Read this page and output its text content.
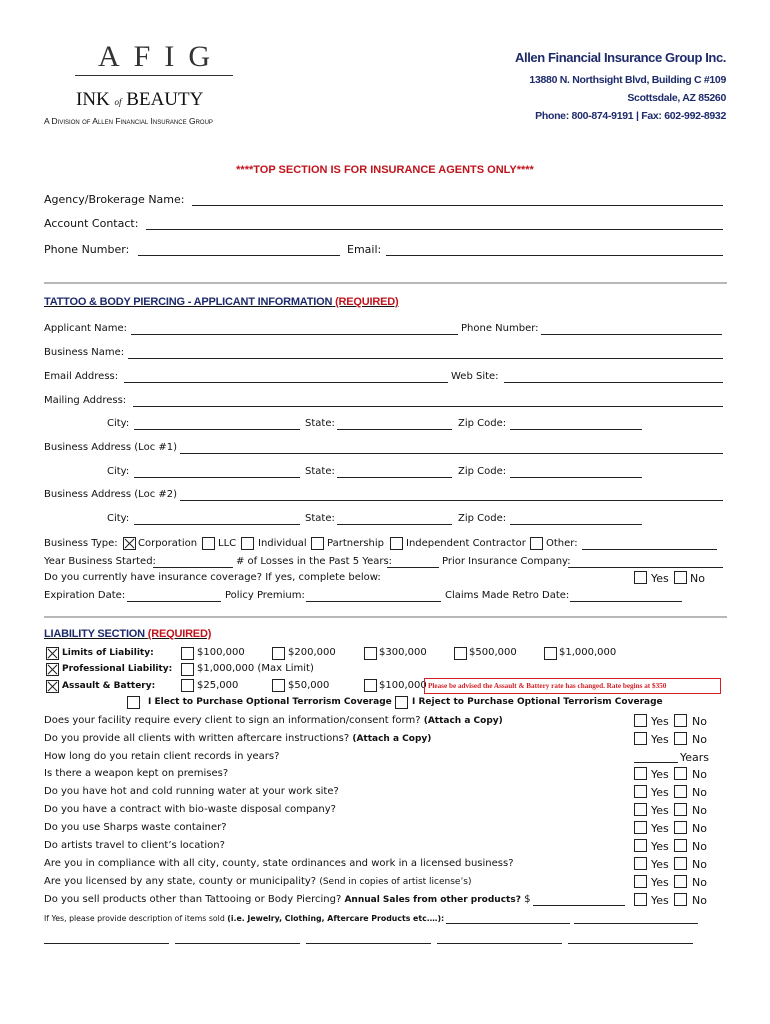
AFIG
INK of BEAUTY
A Division of Allen Financial Insurance Group
Allen Financial Insurance Group Inc.
13880 N. Northsight Blvd, Building C #109
Scottsdale, AZ 85260
Phone: 800-874-9191 | Fax: 602-992-8932
****TOP SECTION IS FOR INSURANCE AGENTS ONLY****
Agency/Brokerage Name:
Account Contact:
Phone Number:	Email:
TATTOO & BODY PIERCING - APPLICANT INFORMATION (REQUIRED)
Applicant Name:	Phone Number:
Business Name:
Email Address:	Web Site:
Mailing Address:
City:	State:	Zip Code:
Business Address (Loc #1)
City:	State:	Zip Code:
Business Address (Loc #2)
City:	State:	Zip Code:
Business Type: Corporation LLC Individual Partnership Independent Contractor Other:
Year Business Started:	# of Losses in the Past 5 Years:	Prior Insurance Company:
Do you currently have insurance coverage? If yes, complete below:	Yes No
Expiration Date:	Policy Premium:	Claims Made Retro Date:
LIABILITY SECTION (REQUIRED)
Limits of Liability:	$100,000	$200,000	$300,000	$500,000	$1,000,000
Professional Liability: $1,000,000 (Max Limit)
Assault & Battery:	$25,000	$50,000	$100,000 Please be advised the Assault & Battery rate has changed. Rate begins at $350
I Elect to Purchase Optional Terrorism Coverage I Reject to Purchase Optional Terrorism Coverage
Does your facility require every client to sign an information/consent form? (Attach a Copy)	Yes No
Do you provide all clients with written aftercare instructions? (Attach a Copy)	Yes No
How long do you retain client records in years?	Years
Is there a weapon kept on premises?	Yes No
Do you have hot and cold running water at your work site?	Yes No
Do you have a contract with bio-waste disposal company?	Yes No
Do you use Sharps waste container?	Yes No
Do artists travel to client’s location?	Yes No
Are you in compliance with all city, county, state ordinances and work in a licensed business?	Yes No
Are you licensed by any state, county or municipality? (Send in copies of artist license’s)	Yes No
Do you sell products other than Tattooing or Body Piercing? Annual Sales from other products? $	Yes No
If Yes, please provide description of items sold (i.e. Jewelry, Clothing, Aftercare Products etc.…):
